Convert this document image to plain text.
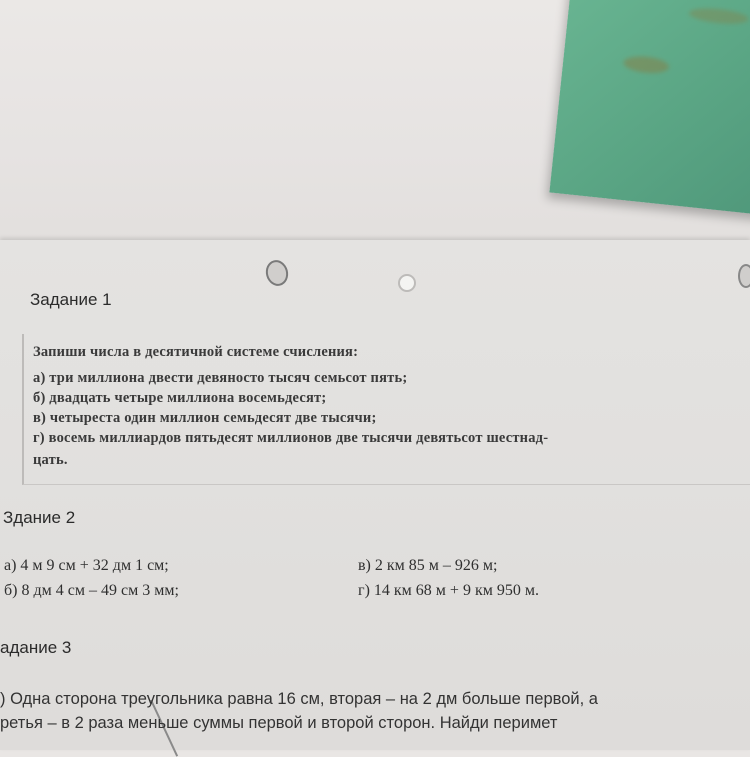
Задание 1
Запиши числа в десятичной системе счисления:
а) три миллиона двести девяносто тысяч семьсот пять;
б) двадцать четыре миллиона восемьдесят;
в) четыреста один миллион семьдесят две тысячи;
г) восемь миллиардов пятьдесят миллионов две тысячи девятьсот шестнад-
цать.
Здание 2
а) 4 м 9 см + 32 дм 1 см;
б) 8 дм 4 см – 49 см 3 мм;
в) 2 км 85 м – 926 м;
г) 14 км 68 м + 9 км 950 м.
адание 3
) Одна сторона треугольника равна 16 см, вторая – на 2 дм больше первой, а
ретья – в 2 раза меньше суммы первой и второй сторон. Найди перимет
